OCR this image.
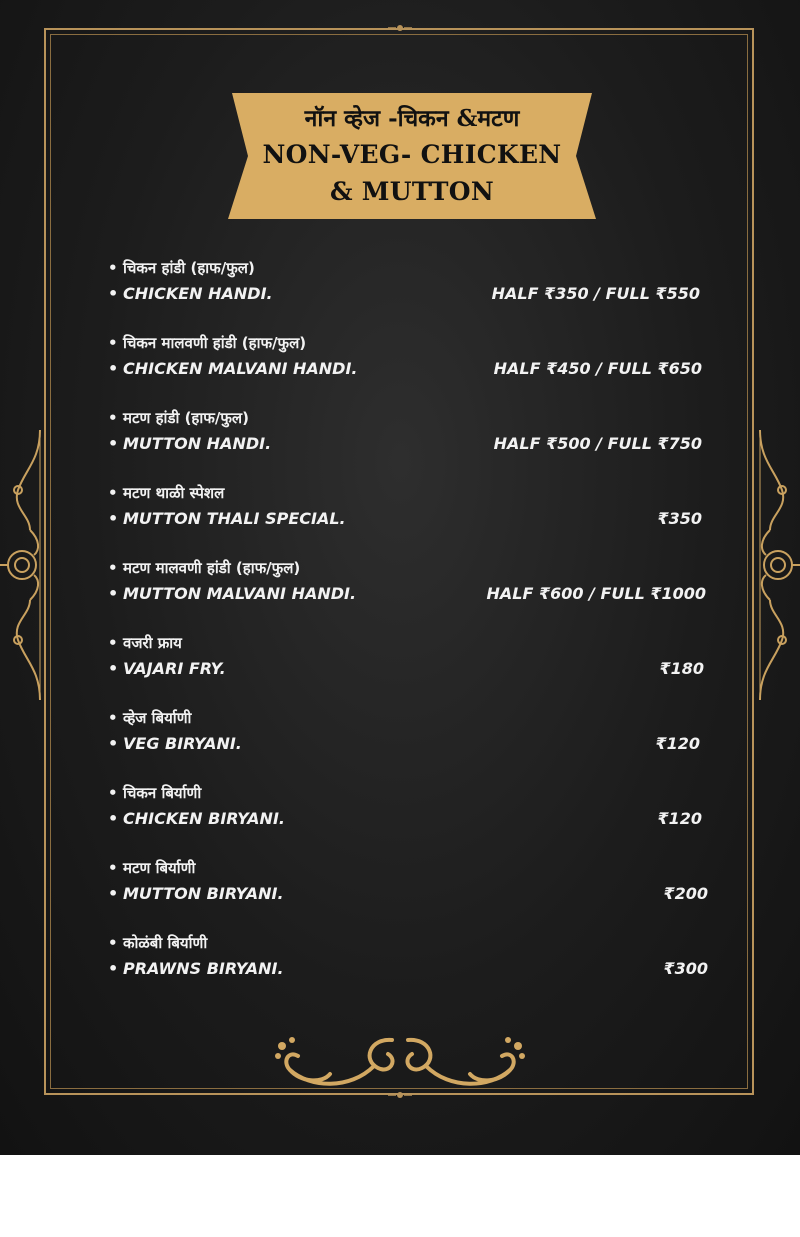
नॉन व्हेज -चिकन &मटण
NON-VEG- CHICKEN
& MUTTON
• चिकन हांडी (हाफ/फुल)
• CHICKEN HANDI.	HALF ₹350 / FULL ₹550
• चिकन मालवणी हांडी (हाफ/फुल)
• CHICKEN MALVANI HANDI.	HALF ₹450 / FULL ₹650
• मटण हांडी (हाफ/फुल)
• MUTTON HANDI.	HALF ₹500 / FULL ₹750
• मटण थाळी स्पेशल
• MUTTON THALI SPECIAL.	₹350
• मटण मालवणी हांडी (हाफ/फुल)
• MUTTON MALVANI HANDI.	HALF ₹600 / FULL ₹1000
• वजरी फ्राय
• VAJARI FRY.	₹180
• व्हेज बिर्याणी
• VEG BIRYANI.	₹120
• चिकन बिर्याणी
• CHICKEN BIRYANI.	₹120
• मटण बिर्याणी
• MUTTON BIRYANI.	₹200
• कोळंबी बिर्याणी
• PRAWNS BIRYANI.	₹300
